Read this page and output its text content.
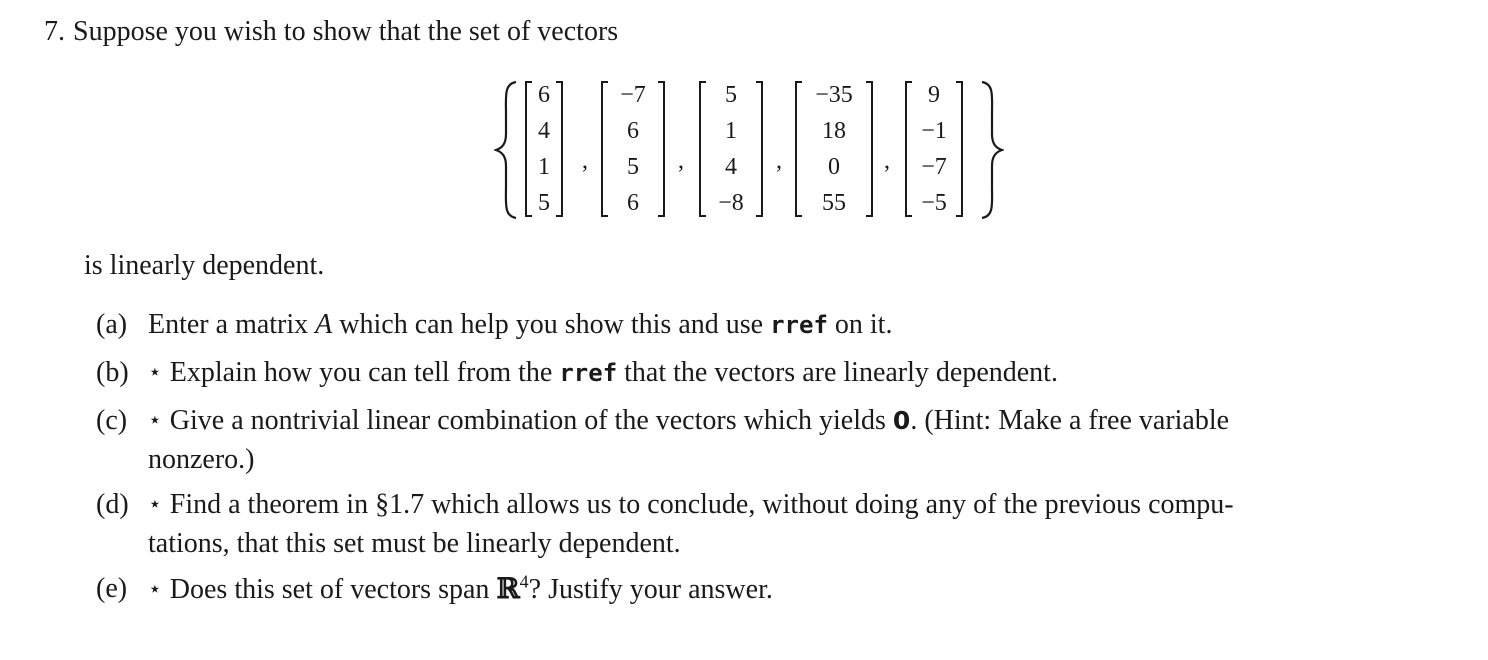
7. Suppose you wish to show that the set of vectors
6
4
1
5
,
−7
6
5
6
,
5
1
4
−8
,
−35
18
0
55
,
9
−1
−7
−5
is linearly dependent.
(a) Enter a matrix A which can help you show this and use rref on it.
(b) ⋆ Explain how you can tell from the rref that the vectors are linearly dependent.
(c) ⋆ Give a nontrivial linear combination of the vectors which yields 0. (Hint: Make a free variable
nonzero.)
(d) ⋆ Find a theorem in §1.7 which allows us to conclude, without doing any of the previous compu-
tations, that this set must be linearly dependent.
(e) ⋆ Does this set of vectors span ℝ$^4$? Justify your answer.
